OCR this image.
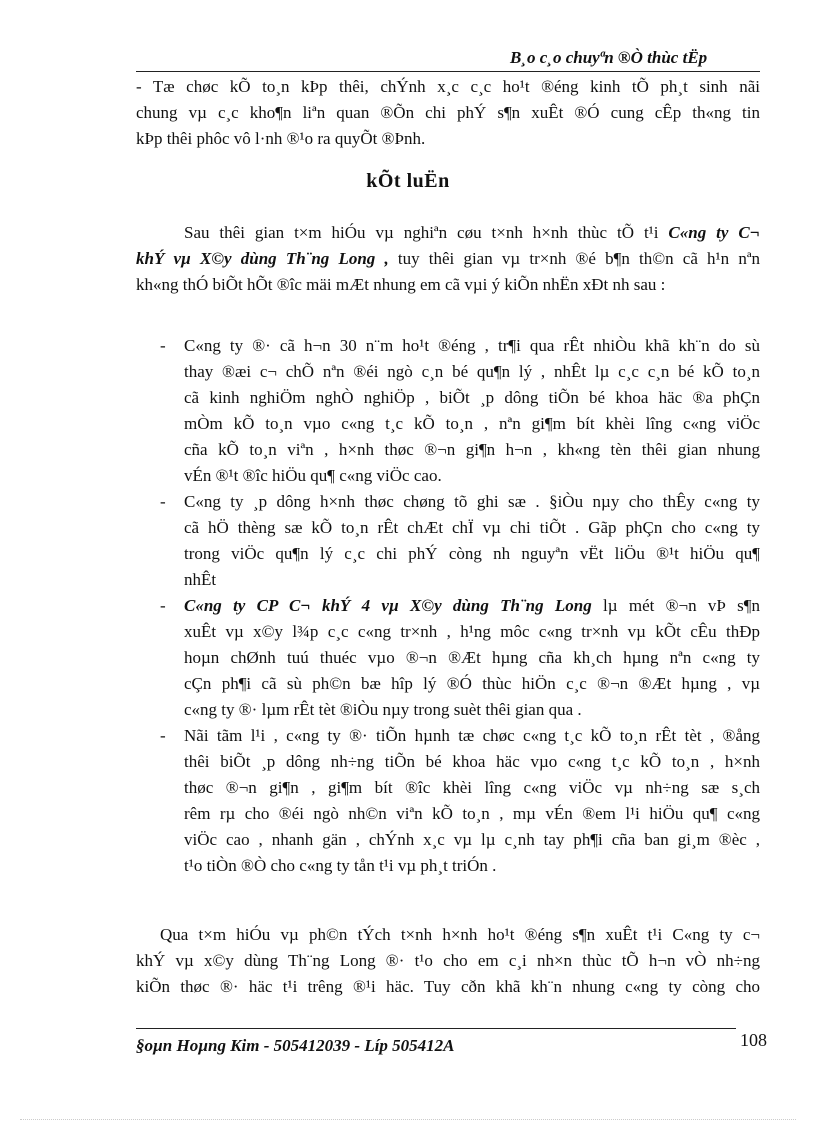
B¸o c¸o chuyªn ®Ò thùc tËp
- Tæ chøc kÕ to¸n kÞp thêi, chÝnh x¸c c¸c ho¹t ®éng kinh tÕ ph¸t sinh nãi
chung vµ c¸c kho¶n liªn quan ®Õn chi phÝ s¶n xuÊt ®Ó cung cÊp th«ng tin
kÞp thêi phôc vô l·nh ®¹o ra quyÕt ®Þnh.
kÕt luËn
Sau thêi gian t×m hiÓu vµ nghiªn cøu t×nh h×nh thùc tÕ t¹i C«ng ty C¬
khÝ vµ X©y dùng Th¨ng Long , tuy thêi gian vµ tr×nh ®é b¶n th©n cã h¹n nªn
kh«ng thÓ biÕt hÕt ®îc mäi mÆt nhung em cã vµi ý kiÕn nhËn xÐt nh sau :
- C«ng ty ®· cã h¬n 30 n¨m ho¹t ®éng , tr¶i qua rÊt nhiÒu khã kh¨n do sù
thay ®æi c¬ chÕ nªn ®éi ngò c¸n bé qu¶n lý , nhÊt lµ c¸c c¸n bé kÕ to¸n
cã kinh nghiÖm nghÒ nghiÖp , biÕt ¸p dông tiÕn bé khoa häc ®a phÇn
mÒm kÕ to¸n vµo c«ng t¸c kÕ to¸n , nªn gi¶m bít khèi lîng c«ng viÖc
cña kÕ to¸n viªn , h×nh thøc ®¬n gi¶n h¬n , kh«ng tèn thêi gian nhung
vÉn ®¹t ®îc hiÖu qu¶ c«ng viÖc cao.
- C«ng ty ¸p dông h×nh thøc chøng tõ ghi sæ . §iÒu nµy cho thÊy c«ng ty
cã hÖ thèng sæ kÕ to¸n rÊt chÆt chÏ vµ chi tiÕt . Gãp phÇn cho c«ng ty
trong viÖc qu¶n lý c¸c chi phÝ còng nh nguyªn vËt liÖu ®¹t hiÖu qu¶
nhÊt
- C«ng ty CP C¬ khÝ 4 vµ X©y dùng Th¨ng Long lµ mét ®¬n vÞ s¶n
xuÊt vµ x©y l¾p c¸c c«ng tr×nh , h¹ng môc c«ng tr×nh vµ kÕt cÊu thÐp
hoµn chØnh tuú thuéc vµo ®¬n ®Æt hµng cña kh¸ch hµng nªn c«ng ty
cÇn ph¶i cã sù ph©n bæ hîp lý ®Ó thùc hiÖn c¸c ®¬n ®Æt hµng , vµ
c«ng ty ®· lµm rÊt tèt ®iÒu nµy trong suèt thêi gian qua .
- Nãi tãm l¹i , c«ng ty ®· tiÕn hµnh tæ chøc c«ng t¸c kÕ to¸n rÊt tèt , ®ång
thêi biÕt ¸p dông nh÷ng tiÕn bé khoa häc vµo c«ng t¸c kÕ to¸n , h×nh
thøc ®¬n gi¶n , gi¶m bít ®îc khèi lîng c«ng viÖc vµ nh÷ng sæ s¸ch
rêm rµ cho ®éi ngò nh©n viªn kÕ to¸n , mµ vÉn ®em l¹i hiÖu qu¶ c«ng
viÖc cao , nhanh gän , chÝnh x¸c vµ lµ c¸nh tay ph¶i cña ban gi¸m ®èc ,
t¹o tiÒn ®Ò cho c«ng ty tån t¹i vµ ph¸t triÓn .
Qua t×m hiÓu vµ ph©n tÝch t×nh h×nh ho¹t ®éng s¶n xuÊt t¹i C«ng ty c¬
khÝ vµ x©y dùng Th¨ng Long ®· t¹o cho em c¸i nh×n thùc tÕ h¬n vÒ nh÷ng
kiÕn thøc ®· häc t¹i trêng ®¹i häc. Tuy cðn khã kh¨n nhung c«ng ty còng cho
§oµn Hoµng Kim - 505412039 - Líp 505412A	108
